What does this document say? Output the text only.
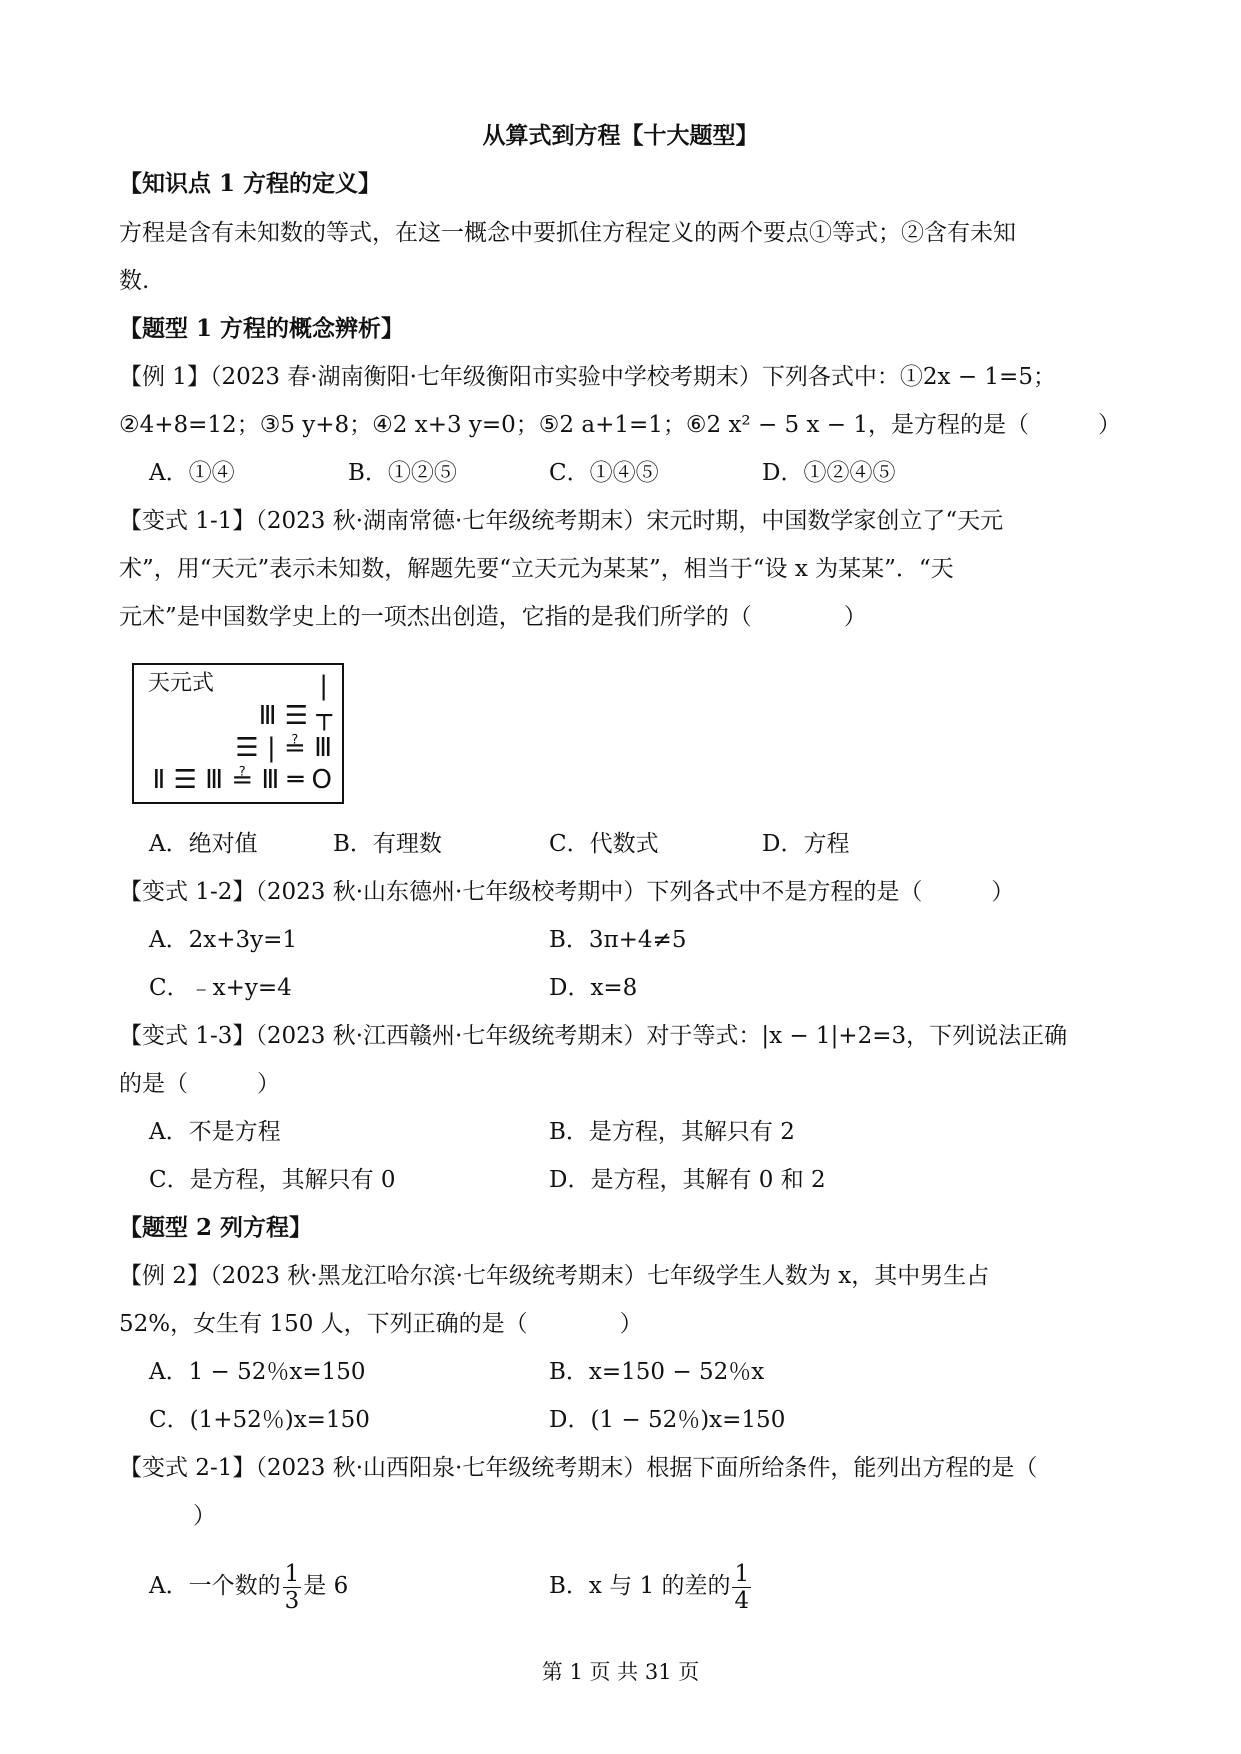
从算式到方程【十大题型】
【知识点 1 方程的定义】
方程是含有未知数的等式，在这一概念中要抓住方程定义的两个要点①等式；②含有未知
数.
【题型 1 方程的概念辨析】
【例 1】（2023 春·湖南衡阳·七年级衡阳市实验中学校考期末）下列各式中：①2x − 1=5；
②4+8=12；③5 y+8；④2 x+3 y=0；⑤2 a+1=1；⑥2 x² − 5 x − 1，是方程的是（　　　）
A．①④	B．①②⑤	C．①④⑤	D．①②④⑤
【变式 1-1】（2023 秋·湖南常德·七年级统考期末）宋元时期，中国数学家创立了“天元
术”，用“天元”表示未知数，解题先要“立天元为某某”，相当于“设 x 为某某”．“天
元术”是中国数学史上的一项杰出创造，它指的是我们所学的（　　　　）
天元式	|
Ⅲ ☰ ┬
☰ | ≟ Ⅲ
Ⅱ ☰ Ⅲ ≟ Ⅲ ═ O
A．绝对值	B．有理数	C．代数式	D．方程
【变式 1-2】（2023 秋·山东德州·七年级校考期中）下列各式中不是方程的是（　　　）
A．2x+3y=1	B．3π+4≠5
C．﹣x+y=4	D．x=8
【变式 1-3】（2023 秋·江西赣州·七年级统考期末）对于等式：|x − 1|+2=3，下列说法正确
的是（　　　）
A．不是方程	B．是方程，其解只有 2
C．是方程，其解只有 0	D．是方程，其解有 0 和 2
【题型 2 列方程】
【例 2】（2023 秋·黑龙江哈尔滨·七年级统考期末）七年级学生人数为 x，其中男生占
52%，女生有 150 人，下列正确的是（　　　　）
A．1 − 52％x=150	B．x=150 − 52％x
C．(1+52％)x=150	D．(1 − 52％)x=150
【变式 2-1】（2023 秋·山西阳泉·七年级统考期末）根据下面所给条件，能列出方程的是（
）
A．一个数的 $\frac{1}{3}$ 是 6	B．x 与 1 的差的 $\frac{1}{4}$
第 1 页 共 31 页
